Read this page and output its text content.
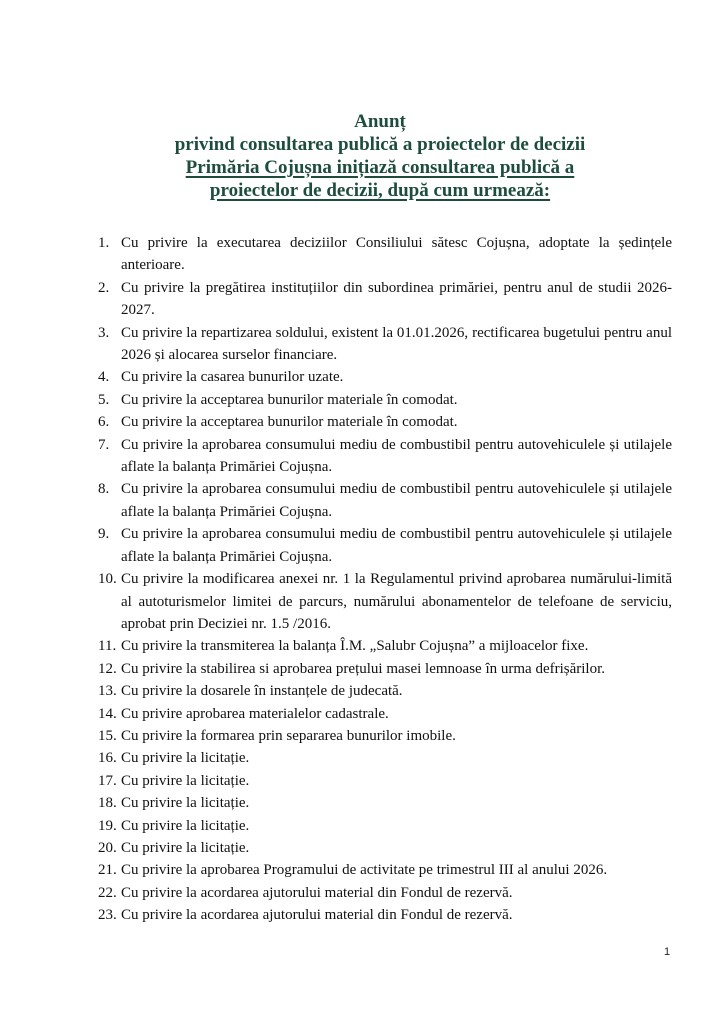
Anunț
privind consultarea publică a proiectelor de decizii
Primăria Cojușna inițiază consultarea publică a
proiectelor de decizii, după cum urmează:
1. Cu privire la executarea deciziilor Consiliului sătesc Cojușna, adoptate la ședințele anterioare.
2. Cu privire la pregătirea instituțiilor din subordinea primăriei, pentru anul de studii 2026-2027.
3. Cu privire la repartizarea soldului, existent la 01.01.2026, rectificarea bugetului pentru anul 2026 și alocarea surselor financiare.
4. Cu privire la casarea bunurilor uzate.
5. Cu privire la acceptarea bunurilor materiale în comodat.
6. Cu privire la acceptarea bunurilor materiale în comodat.
7. Cu privire la aprobarea consumului mediu de combustibil pentru autovehiculele și utilajele aflate la balanța Primăriei Cojușna.
8. Cu privire la aprobarea consumului mediu de combustibil pentru autovehiculele și utilajele aflate la balanța Primăriei Cojușna.
9. Cu privire la aprobarea consumului mediu de combustibil pentru autovehiculele și utilajele aflate la balanța Primăriei Cojușna.
10. Cu privire la modificarea anexei nr. 1 la Regulamentul privind aprobarea numărului-limită al autoturismelor limitei de parcurs, numărului abonamentelor de telefoane de serviciu, aprobat prin Deciziei nr. 1.5 /2016.
11. Cu privire la transmiterea la balanța Î.M. „Salubr Cojușna” a mijloacelor fixe.
12. Cu privire la stabilirea si aprobarea prețului masei lemnoase în urma defrișărilor.
13. Cu privire la dosarele în instanțele de judecată.
14. Cu privire aprobarea materialelor cadastrale.
15. Cu privire la formarea prin separarea bunurilor imobile.
16. Cu privire la licitație.
17. Cu privire la licitație.
18. Cu privire la licitație.
19. Cu privire la licitație.
20. Cu privire la licitație.
21. Cu privire la aprobarea Programului de activitate pe trimestrul III al anului 2026.
22. Cu privire la acordarea ajutorului material din Fondul de rezervă.
23. Cu privire la acordarea ajutorului material din Fondul de rezervă.
1
